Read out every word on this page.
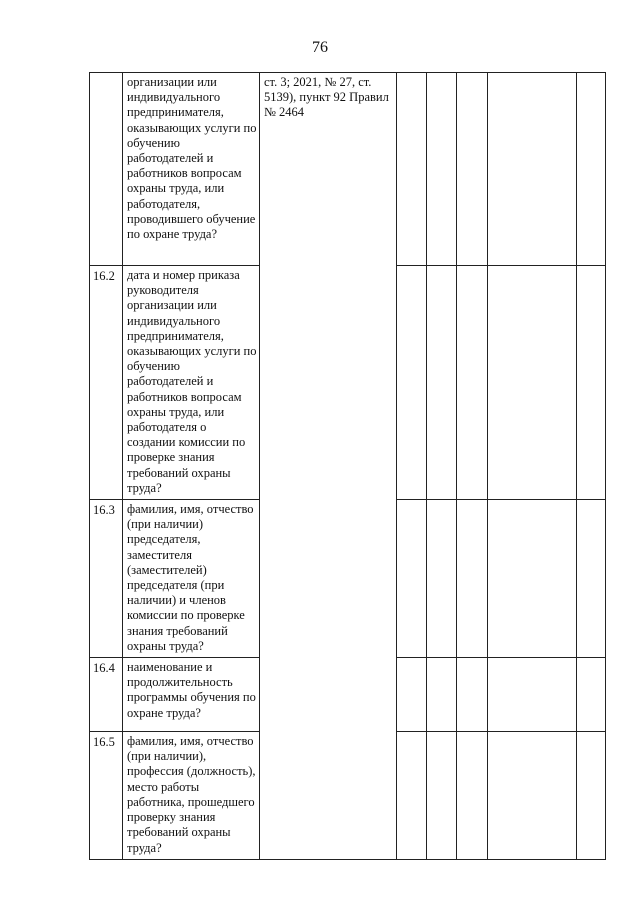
76

	организации или индивидуального предпринимателя, оказывающих услуги по обучению работодателей и работников вопросам охраны труда, или работодателя, проводившего обучение по охране труда?	ст. 3; 2021, № 27, ст. 5139), пункт 92 Правил № 2464					

16.2	дата и номер приказа руководителя организации или индивидуального предпринимателя, оказывающих услуги по обучению работодателей и работников вопросам охраны труда, или работодателя о создании комиссии по проверке знания требований охраны труда?						

16.3	фамилия, имя, отчество (при наличии) председателя, заместителя (заместителей) председателя (при наличии) и членов комиссии по проверке знания требований охраны труда?						

16.4	наименование и продолжительность программы обучения по охране труда?						

16.5	фамилия, имя, отчество (при наличии), профессия (должность), место работы работника, прошедшего проверку знания требований охраны труда?						
